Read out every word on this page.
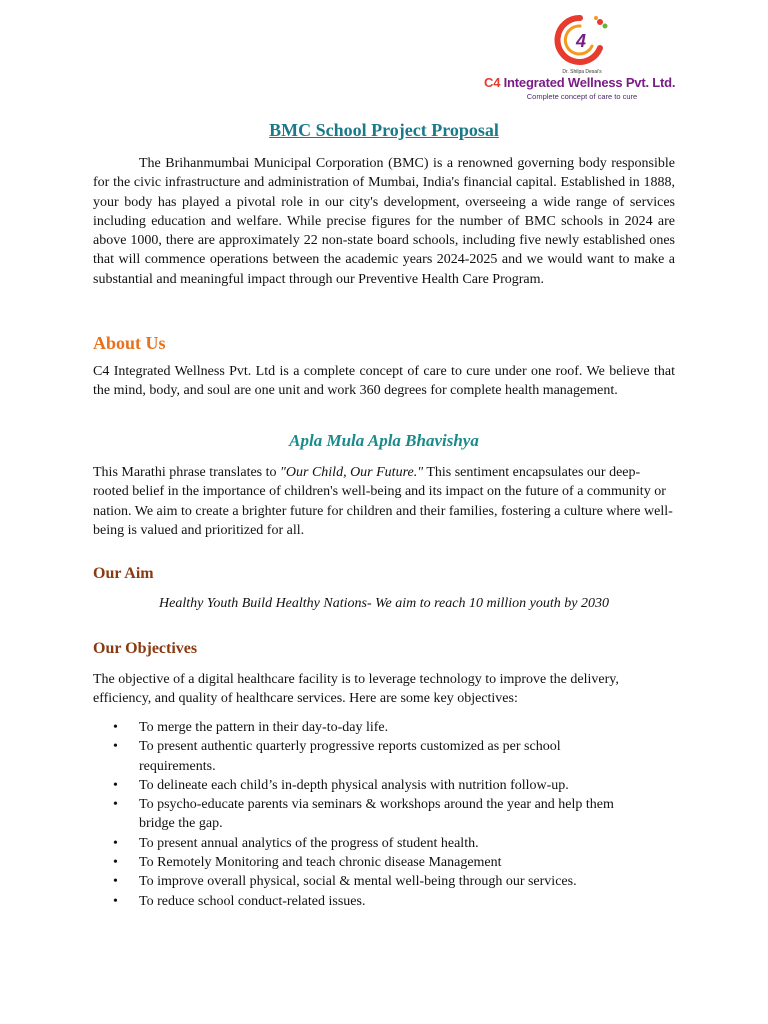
4
Dr. Shilpa Desai's
C4 Integrated Wellness Pvt. Ltd.
Complete concept of care to cure
BMC School Project Proposal

The Brihanmumbai Municipal Corporation (BMC) is a renowned governing body responsible for the civic infrastructure and administration of Mumbai, India's financial capital. Established in 1888, your body has played a pivotal role in our city's development, overseeing a wide range of services including education and welfare. While precise figures for the number of BMC schools in 2024 are above 1000, there are approximately 22 non-state board schools, including five newly established ones that will commence operations between the academic years 2024-2025 and we would want to make a substantial and meaningful impact through our Preventive Health Care Program.

About Us

C4 Integrated Wellness Pvt. Ltd is a complete concept of care to cure under one roof. We believe that the mind, body, and soul are one unit and work 360 degrees for complete health management.

Apla Mula Apla Bhavishya

This Marathi phrase translates to "Our Child, Our Future." This sentiment encapsulates our deep-rooted belief in the importance of children's well-being and its impact on the future of a community or nation. We aim to create a brighter future for children and their families, fostering a culture where well-being is valued and prioritized for all.

Our Aim
Healthy Youth Build Healthy Nations- We aim to reach 10 million youth by 2030
Our Objectives

The objective of a digital healthcare facility is to leverage technology to improve the delivery, efficiency, and quality of healthcare services. Here are some key objectives:

• To merge the pattern in their day-to-day life.
• To present authentic quarterly progressive reports customized as per school requirements.
• To delineate each child’s in-depth physical analysis with nutrition follow-up.
• To psycho-educate parents via seminars & workshops around the year and help them bridge the gap.
• To present annual analytics of the progress of student health.
• To Remotely Monitoring and teach chronic disease Management
• To improve overall physical, social & mental well-being through our services.
• To reduce school conduct-related issues.
